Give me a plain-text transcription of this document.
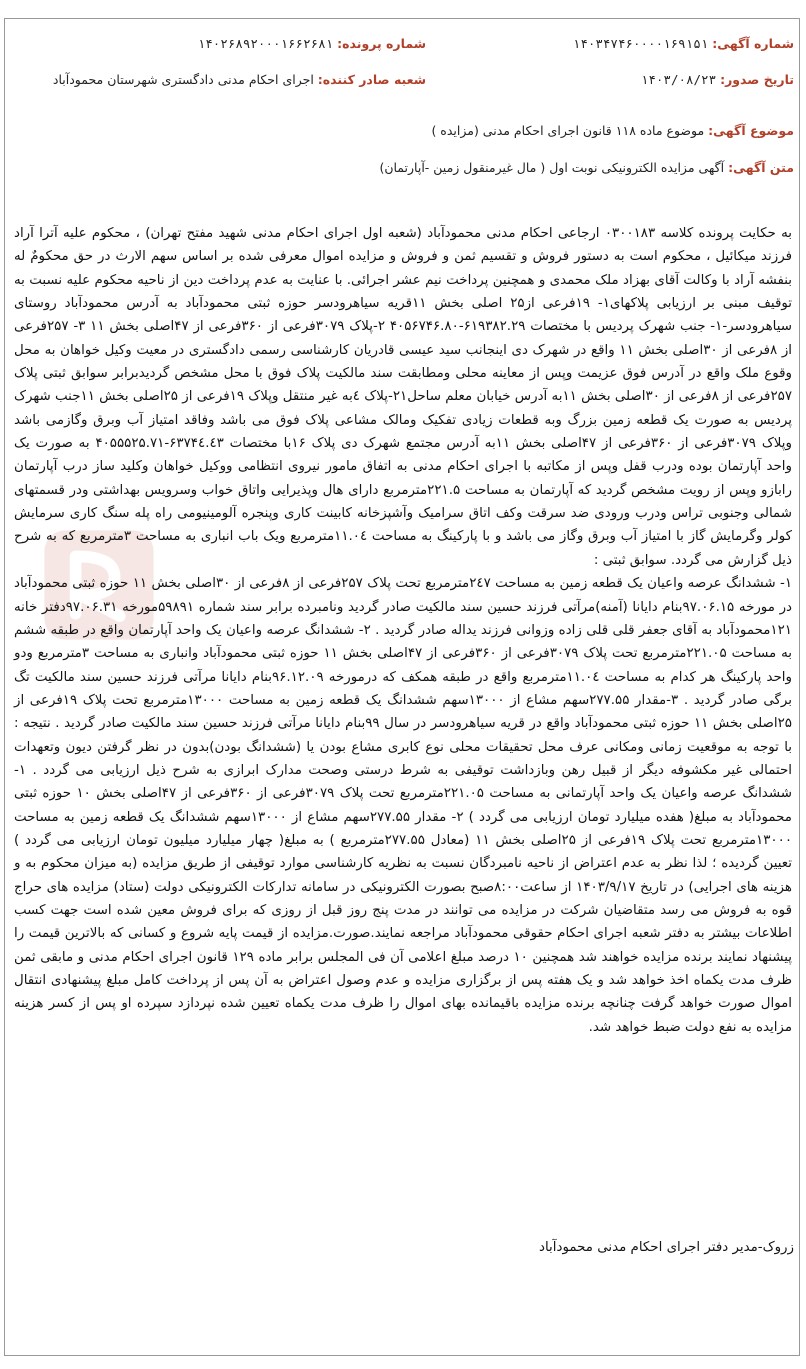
شماره آگهی: ۱۴۰۳۴۷۴۶۰۰۰۰۱۶۹۱۵۱
شماره پرونده: ۱۴۰۲۶۸۹۲۰۰۰۱۶۶۲۶۸۱
تاریخ صدور: ۱۴۰۳/۰۸/۲۳
شعبه صادر کننده: اجرای احکام مدنی دادگستری شهرستان محمودآباد
موضوع آگهی: موضوع ماده ۱۱۸ قانون اجرای احکام مدنی (مزایده )
متن آگهی: آگهی مزایده الکترونیکی نوبت اول ( مال غیرمنقول زمین -آپارتمان)

به حکایت پرونده کلاسه ۰۳۰۰۱۸۳ ارجاعی احکام مدنی محمودآباد (شعبه اول اجرای احکام مدنی شهید مفتح تهران) ، محکوم علیه آترا آراد فرزند میکائیل ، محکوم است به دستور فروش و تقسیم ثمن و فروش و مزایده اموال معرفی شده بر اساس سهم الارث در حق محکومٌ له بنفشه آراد با وکالت آقای بهزاد ملک محمدی و همچنین پرداخت نیم عشر اجرائی. با عنایت به عدم پرداخت دین از ناحیه محکوم علیه نسبت به توقیف مبنی بر ارزیابی پلاکهای۱- ۱۹فرعی از۲۵ اصلی بخش ۱۱قریه سیاهرودسر حوزه ثبتی محمودآباد به آدرس محمودآباد روستای سیاهرودسر-۱- جنب شهرک پردیس با مختصات ۶۱۹۳۸۲.۲۹-۴۰۵۶۷۴۶.۸۰ ۲-پلاک ۳۰۷۹فرعی از ۳۶۰فرعی از ۴۷اصلی بخش ۱۱ ۳- ۲۵۷فرعی از ۸فرعی از ۳۰اصلی بخش ۱۱ واقع در شهرک دی اینجانب سید عیسی قادریان کارشناسی رسمی دادگستری در معیت وکیل خواهان به محل وقوع ملک واقع در آدرس فوق عزیمت وپس از معاینه محلی ومطابقت سند مالکیت پلاک فوق با محل مشخص گردیدبرابر سوابق ثبتی پلاک ۲۵۷فرعی از ۸فرعی از ۳۰اصلی بخش ۱۱به آدرس خیابان معلم ساحل۲۱-پلاک ٤به غیر منتقل وپلاک ۱۹فرعی از ۲۵اصلی بخش ۱۱جنب شهرک پردیس به صورت یک قطعه زمین بزرگ وبه قطعات زیادی تفکیک ومالک مشاعی پلاک فوق می باشد وفاقد امتیاز آب وبرق وگازمی باشد وپلاک ۳۰۷۹فرعی از ۳۶۰فرعی از ۴۷اصلی بخش ۱۱به آدرس مجتمع شهرک دی پلاک ۱۶با مختصات ۶۳۷۴٤.٤۳-۴۰۵۵۵۲۵.۷۱ به صورت یک واحد آپارتمان بوده ودرب قفل وپس از مکاتبه با اجرای احکام مدنی به اتفاق مامور نیروی انتظامی ووکیل خواهان وکلید ساز درب آپارتمان رابازو وپس از رویت مشخص گردید که آپارتمان به مساحت ۲۲۱.۵مترمربع دارای هال وپذیرایی واتاق خواب وسرویس بهداشتی ودر قسمتهای شمالی وجنوبی تراس ودرب ورودی ضد سرقت وکف اتاق سرامیک وآشپزخانه کابینت کاری وپنجره آلومینیومی راه پله سنگ کاری سرمایش کولر وگرمایش گاز با امتیاز آب وبرق وگاز می باشد و با پارکینگ به مساحت ۱۱.۰٤مترمربع ویک باب انباری به مساحت ۳مترمربع که به شرح ذیل گزارش می گردد. سوابق ثبتی :

۱- ششدانگ عرصه واعیان یک قطعه زمین به مساحت ۲٤۷مترمربع تحت پلاک ۲۵۷فرعی از ۸فرعی از ۳۰اصلی بخش ۱۱ حوزه ثبتی محمودآباد در مورخه ۹۷.۰۶.۱۵بنام دایانا (آمنه)مرآتی فرزند حسین سند مالکیت صادر گردید ونامبرده برابر سند شماره ۵۹۸۹۱مورخه ۹۷.۰۶.۳۱دفتر خانه ۱۲۱محمودآباد به آقای جعفر قلی قلی زاده وزوانی فرزند یداله صادر گردید . ۲- ششدانگ عرصه واعیان یک واحد آپارتمان واقع در طبقه ششم به مساحت ۲۲۱.۰۵مترمربع تحت پلاک ۳۰۷۹فرعی از ۳۶۰فرعی از ۴۷اصلی بخش ۱۱ حوزه ثبتی محمودآباد وانباری به مساحت ۳مترمربع ودو واحد پارکینگ هر کدام به مساحت ۱۱.۰٤مترمربع واقع در طبقه همکف که درمورخه ۹۶.۱۲.۰۹بنام دایانا مرآتی فرزند حسین سند مالکیت تگ برگی صادر گردید . ۳-مقدار ۲۷۷.۵۵سهم مشاع از ۱۳۰۰۰سهم ششدانگ یک قطعه زمین به مساحت ۱۳۰۰۰مترمربع تحت پلاک ۱۹فرعی از ۲۵اصلی بخش ۱۱ حوزه ثبتی محمودآباد واقع در قریه سیاهرودسر در سال ۹۹بنام دایانا مرآتی فرزند حسین سند مالکیت صادر گردید . نتیجه : با توجه به موقعیت زمانی ومکانی عرف محل تحقیقات محلی نوع کابری مشاع بودن یا (ششدانگ بودن)بدون در نظر گرفتن دیون وتعهدات احتمالی غیر مکشوفه دیگر از قبیل رهن وبازداشت توقیفی به شرط درستی وصحت مدارک ابرازی به شرح ذیل ارزیابی می گردد . ۱- ششدانگ عرصه واعیان یک واحد آپارتمانی به مساحت ۲۲۱.۰۵مترمربع تحت پلاک ۳۰۷۹فرعی از ۳۶۰فرعی از ۴۷اصلی بخش ۱۰ حوزه ثبتی محمودآباد به مبلغ( هفده میلیارد تومان ارزیابی می گردد ) ۲- مقدار ۲۷۷.۵۵سهم مشاع از ۱۳۰۰۰سهم ششدانگ یک قطعه زمین به مساحت ۱۳۰۰۰مترمربع تحت پلاک ۱۹فرعی از ۲۵اصلی بخش ۱۱ (معادل ۲۷۷.۵۵مترمربع ) به مبلغ( چهار میلیارد میلیون تومان ارزیابی می گردد ) تعیین گردیده ؛ لذا نظر به عدم اعتراض از ناحیه نامبردگان نسبت به نظریه کارشناسی موارد توقیفی از طریق مزایده (به میزان محکوم به و هزینه های اجرایی) در تاریخ ۱۴۰۳/۹/۱۷ از ساعت۸:۰۰صبح بصورت الکترونیکی در سامانه تدارکات الکترونیکی دولت (ستاد) مزایده های حراج قوه به فروش می رسد متقاضیان شرکت در مزایده می توانند در مدت پنج روز قبل از روزی که برای فروش معین شده است جهت کسب اطلاعات بیشتر به دفتر شعبه اجرای احکام حقوقی محمودآباد مراجعه نمایند.صورت.مزایده از قیمت پایه شروع و کسانی که بالاترین قیمت را پیشنهاد نمایند برنده مزایده خواهند شد همچنین ۱۰ درصد مبلغ اعلامی آن فی المجلس برابر ماده ۱۲۹ قانون اجرای احکام مدنی و مابقی ثمن ظرف مدت یکماه اخذ خواهد شد و یک هفته پس از برگزاری مزایده و عدم وصول اعتراض به آن پس از پرداخت کامل مبلغ پیشنهادی انتقال اموال صورت خواهد گرفت چنانچه برنده مزایده باقیمانده بهای اموال را ظرف مدت یکماه تعیین شده نپردازد سپرده او پس از کسر هزینه مزایده به نفع دولت ضبط خواهد شد.

زروک-مدیر دفتر اجرای احکام مدنی محمودآباد
